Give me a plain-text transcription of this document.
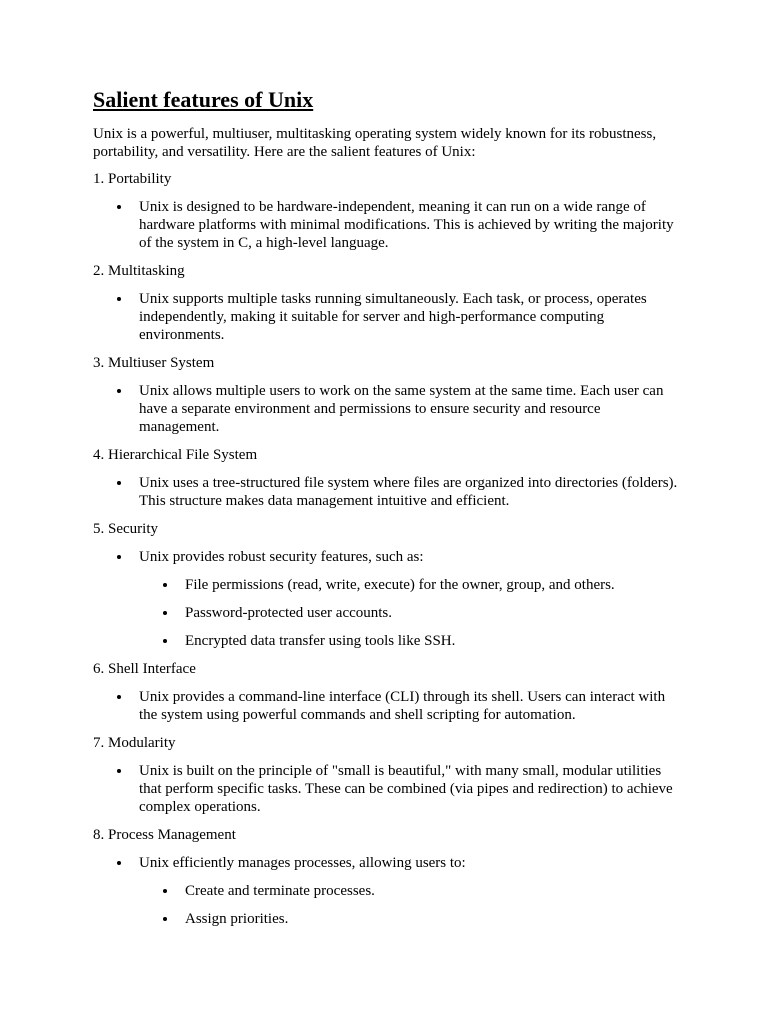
Salient features of Unix

Unix is a powerful, multiuser, multitasking operating system widely known for its robustness, portability, and versatility. Here are the salient features of Unix:

1. Portability

Unix is designed to be hardware-independent, meaning it can run on a wide range of hardware platforms with minimal modifications. This is achieved by writing the majority of the system in C, a high-level language.

2. Multitasking

Unix supports multiple tasks running simultaneously. Each task, or process, operates independently, making it suitable for server and high-performance computing environments.

3. Multiuser System

Unix allows multiple users to work on the same system at the same time. Each user can have a separate environment and permissions to ensure security and resource management.

4. Hierarchical File System

Unix uses a tree-structured file system where files are organized into directories (folders). This structure makes data management intuitive and efficient.

5. Security

Unix provides robust security features, such as:
File permissions (read, write, execute) for the owner, group, and others.
Password-protected user accounts.
Encrypted data transfer using tools like SSH.

6. Shell Interface

Unix provides a command-line interface (CLI) through its shell. Users can interact with the system using powerful commands and shell scripting for automation.

7. Modularity

Unix is built on the principle of "small is beautiful," with many small, modular utilities that perform specific tasks. These can be combined (via pipes and redirection) to achieve complex operations.

8. Process Management

Unix efficiently manages processes, allowing users to:
Create and terminate processes.
Assign priorities.
